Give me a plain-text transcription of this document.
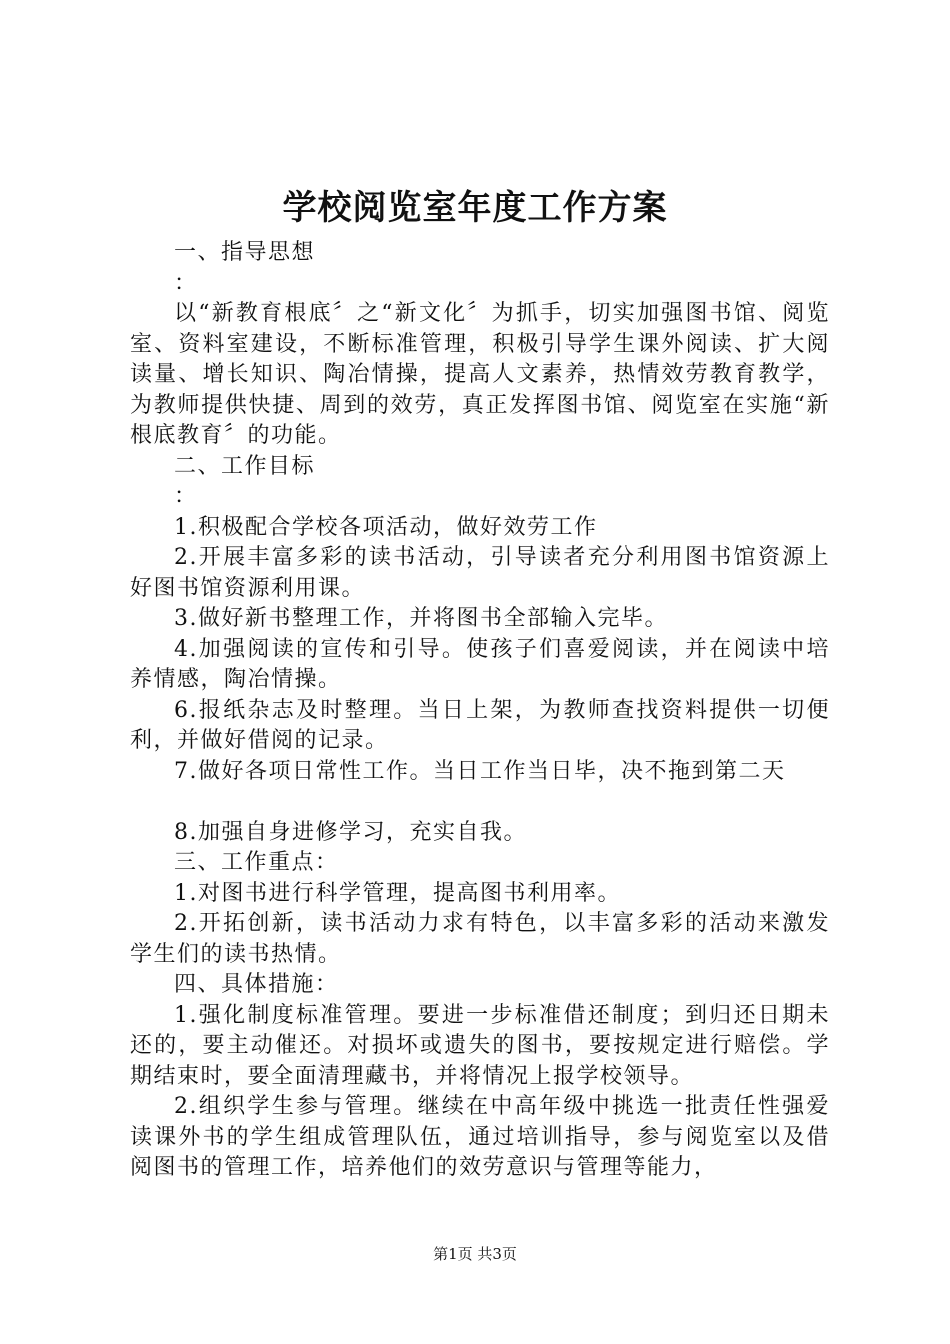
学校阅览室年度工作方案

一、指导思想

：

以“新教育根底〞之“新文化〞为抓手，切实加强图书馆、阅览室、资料室建设，不断标准管理，积极引导学生课外阅读、扩大阅读量、增长知识、陶冶情操，提高人文素养，热情效劳教育教学，为教师提供快捷、周到的效劳，真正发挥图书馆、阅览室在实施“新根底教育〞的功能。

二、工作目标

：

1.积极配合学校各项活动，做好效劳工作

2.开展丰富多彩的读书活动，引导读者充分利用图书馆资源上好图书馆资源利用课。

3.做好新书整理工作，并将图书全部输入完毕。

4.加强阅读的宣传和引导。使孩子们喜爱阅读，并在阅读中培养情感，陶冶情操。

6.报纸杂志及时整理。当日上架，为教师查找资料提供一切便利，并做好借阅的记录。

7.做好各项日常性工作。当日工作当日毕，决不拖到第二天

8.加强自身进修学习，充实自我。

三、工作重点：

1.对图书进行科学管理，提高图书利用率。

2.开拓创新，读书活动力求有特色，以丰富多彩的活动来激发学生们的读书热情。

四、具体措施：

1.强化制度标准管理。要进一步标准借还制度；到归还日期未还的，要主动催还。对损坏或遗失的图书，要按规定进行赔偿。学期结束时，要全面清理藏书，并将情况上报学校领导。

2.组织学生参与管理。继续在中高年级中挑选一批责任性强爱读课外书的学生组成管理队伍，通过培训指导，参与阅览室以及借阅图书的管理工作，培养他们的效劳意识与管理等能力，

第1页 共3页
